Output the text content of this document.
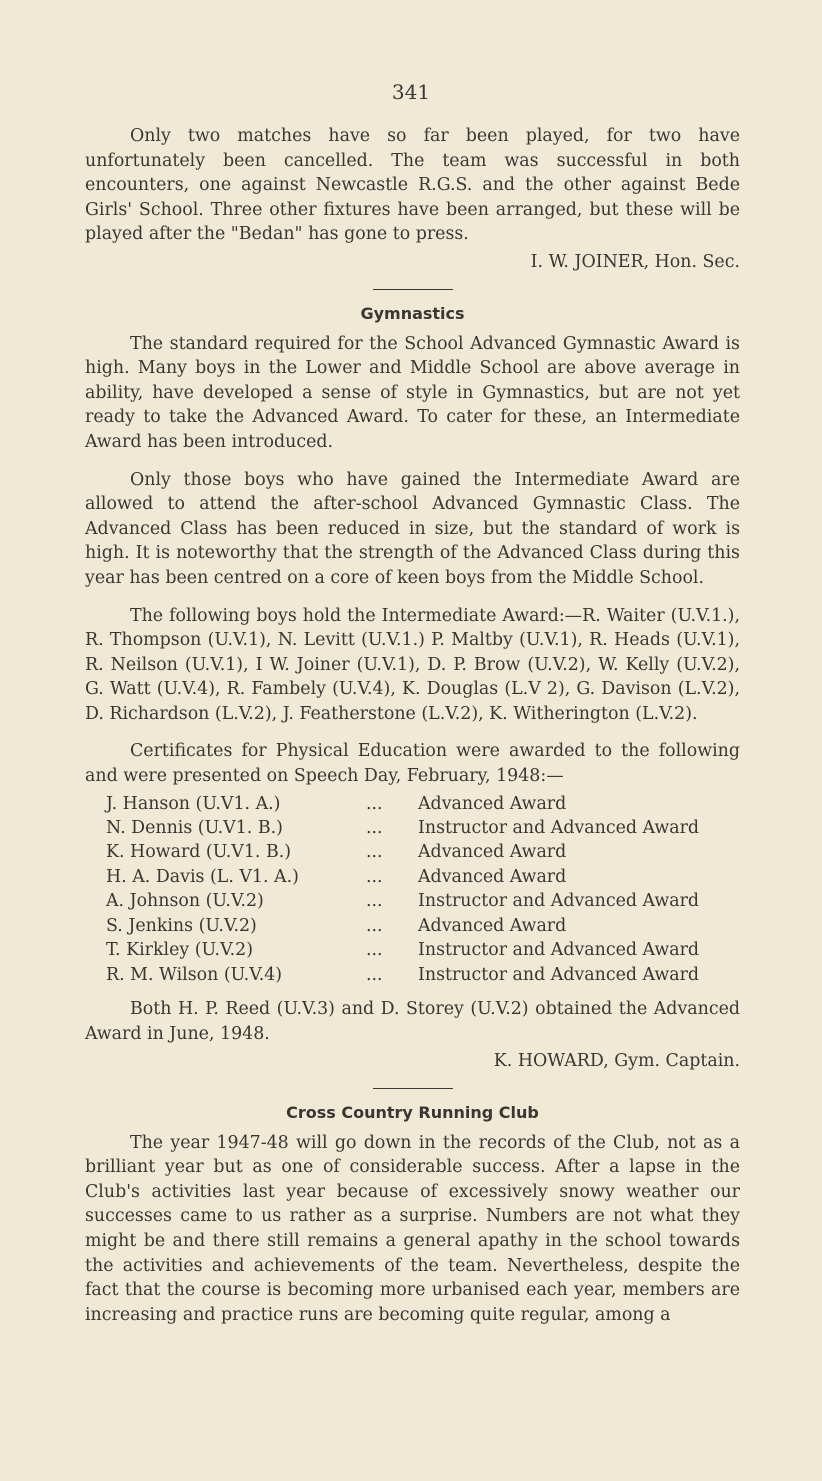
341

Only two matches have so far been played, for two have unfortunately been cancelled. The team was successful in both encounters, one against Newcastle R.G.S. and the other against Bede Girls' School. Three other fixtures have been arranged, but these will be played after the "Bedan" has gone to press.

I. W. JOINER, Hon. Sec.
Gymnastics

The standard required for the School Advanced Gymnastic Award is high. Many boys in the Lower and Middle School are above average in ability, have developed a sense of style in Gymnastics, but are not yet ready to take the Advanced Award. To cater for these, an Intermediate Award has been introduced.

Only those boys who have gained the Intermediate Award are allowed to attend the after-school Advanced Gymnastic Class. The Advanced Class has been reduced in size, but the standard of work is high. It is noteworthy that the strength of the Advanced Class during this year has been centred on a core of keen boys from the Middle School.

The following boys hold the Intermediate Award:—R. Waiter (U.V.1.), R. Thompson (U.V.1), N. Levitt (U.V.1.) P. Maltby (U.V.1), R. Heads (U.V.1), R. Neilson (U.V.1), I W. Joiner (U.V.1), D. P. Brow (U.V.2), W. Kelly (U.V.2), G. Watt (U.V.4), R. Fambely (U.V.4), K. Douglas (L.V 2), G. Davison (L.V.2), D. Richardson (L.V.2), J. Featherstone (L.V.2), K. Witherington (L.V.2).

Certificates for Physical Education were awarded to the following and were presented on Speech Day, February, 1948:—

J. Hanson (U.V1. A.)	...	Advanced Award
N. Dennis (U.V1. B.)	...	Instructor and Advanced Award
K. Howard (U.V1. B.)	...	Advanced Award
H. A. Davis (L. V1. A.)	...	Advanced Award
A. Johnson (U.V.2)	...	Instructor and Advanced Award
S. Jenkins (U.V.2)	...	Advanced Award
T. Kirkley (U.V.2)	...	Instructor and Advanced Award
R. M. Wilson (U.V.4)	...	Instructor and Advanced Award

Both H. P. Reed (U.V.3) and D. Storey (U.V.2) obtained the Advanced Award in June, 1948.

K. HOWARD, Gym. Captain.
Cross Country Running Club

The year 1947-48 will go down in the records of the Club, not as a brilliant year but as one of considerable success. After a lapse in the Club's activities last year because of excessively snowy weather our successes came to us rather as a surprise. Numbers are not what they might be and there still remains a general apathy in the school towards the activities and achievements of the team. Nevertheless, despite the fact that the course is becoming more urbanised each year, members are increasing and practice runs are becoming quite regular, among a
